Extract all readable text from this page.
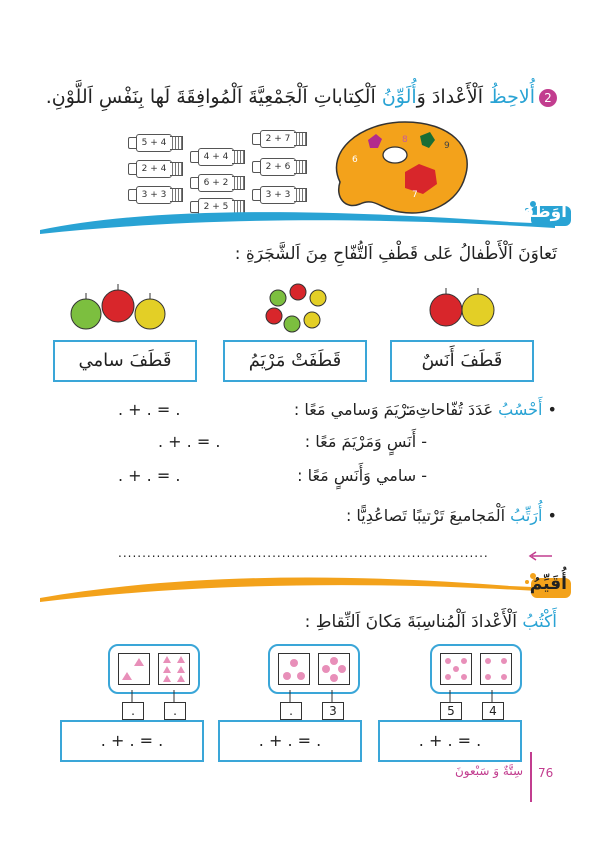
2أُلاحِظُ اَلْأَعْدادَ وَأُلَوِّنُ اَلْكِتاباتِ اَلْجَمْعِيَّةَ اَلْمُوافِقَةَ لَها بِنَفْسِ اَللَّوْنِ.
5 + 4
4 + 4
2 + 7
2 + 4	2 + 6
6 + 2
3 + 3
2 + 5
3 + 3
8
9
6
7
أُوَظِّفُ
تَعاوَنَ اَلْأَطْفالُ عَلى قَطْفِ اَلتُّفّاحِ مِنَ اَلشَّجَرَةِ :
قَطَفَ سامي	قَطَفَتْ مَرْيَمُ	قَطَفَ أَنَسٌ
• أَحْسُبُ عَدَدَ تُفّاحاتِ :
- مَرْيَمَ وَسامي مَعًا :
. + . = .
- أَنَسٍ وَمَرْيَمَ مَعًا :
. + . = .
- سامي وَأَنَسٍ مَعًا :
. + . = .
• أُرَتِّبُ اَلْمَجاميعَ تَرْتيبًا تَصاعُدِيًّا :
.............................................................................
أُقَيِّمُ
أَكْتُبُ اَلْأَعْدادَ اَلْمُناسِبَةَ مَكانَ اَلنِّقاطِ :
5	4
. + . = .
.	3
. + . = .
.	.
. + . = .
76
سِتَّةٌ وَ سَبْعونَ
